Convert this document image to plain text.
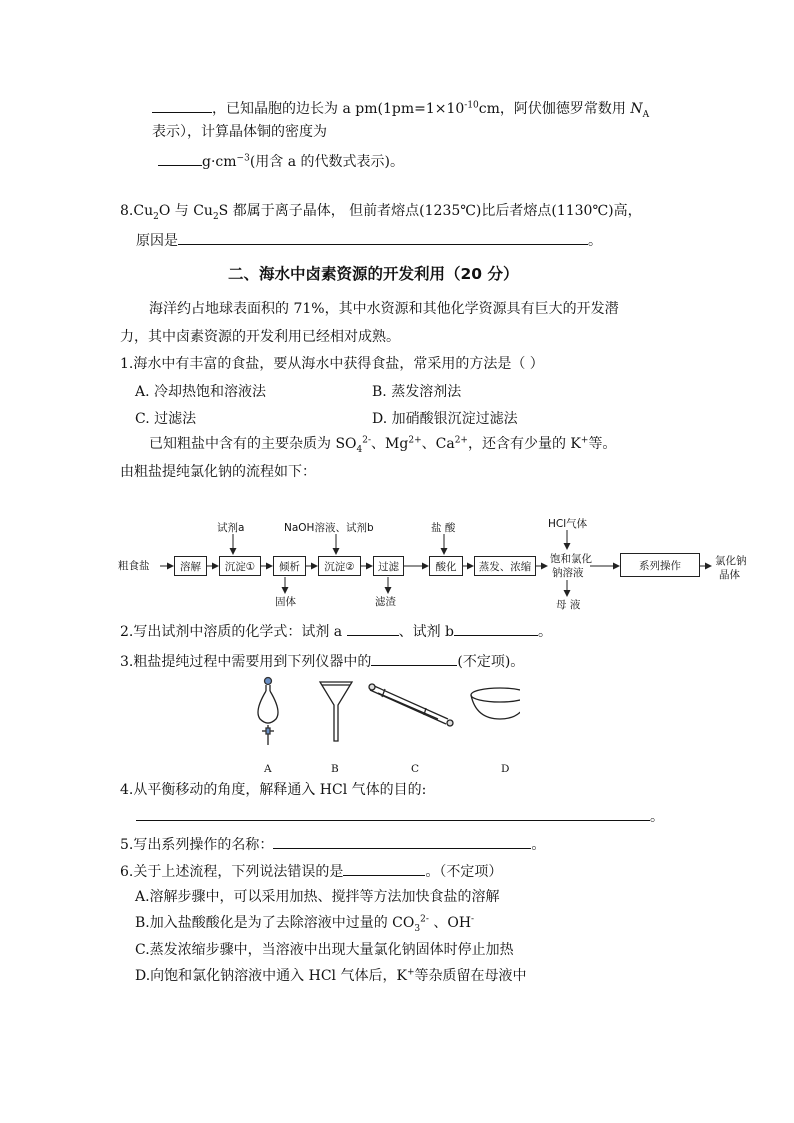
，已知晶胞的边长为 a $pm(1pm=1\times 10^{-10}cm$，阿伏伽德罗常数用 $N_A$
表示），计算晶体铜的密度为
$g\cdot cm^{-3}$(用含 a 的代数式表示)。
$8.Cu_2O$ 与 $Cu_2S$ 都属于离子晶体， 但前者熔点(1235℃)比后者熔点(1130℃)高，
原因是	。
二、海水中卤素资源的开发利用（20 分）
海洋约占地球表面积的 71%，其中水资源和其他化学资源具有巨大的开发潜
力，其中卤素资源的开发利用已经相对成熟。
1.海水中有丰富的食盐，要从海水中获得食盐，常采用的方法是（ ）
A. 冷却热饱和溶液法	B. 蒸发溶剂法
C. 过滤法	D. 加硝酸银沉淀过滤法
已知粗盐中含有的主要杂质为 $SO_4^{2-}$、$Mg^{2+}$、$Ca^{2+}$，还含有少量的 K+等。
由粗盐提纯氯化钠的流程如下：
粗食盐	溶解	沉淀①	倾析	沉淀②	过滤	酸化	蒸发、浓缩	系列操作
试剂a	NaOH溶液、试剂b	盐 酸	HCl气体
固体	滤渣
饱和氯化
钠溶液
母 液
氯化钠
晶体
2.写出试剂中溶质的化学式：试剂 a	、试剂 b	。
3.粗盐提纯过程中需要用到下列仪器中的	(不定项)。
A	B	C	D
4.从平衡移动的角度，解释通入 HCl 气体的目的:
。
5.写出系列操作的名称：	。
6.关于上述流程，下列说法错误的是	。（不定项）
A.溶解步骤中，可以采用加热、搅拌等方法加快食盐的溶解
B.加入盐酸酸化是为了去除溶液中过量的 $CO_3^{2-}$ 、OH-
C.蒸发浓缩步骤中，当溶液中出现大量氯化钠固体时停止加热
D.向饱和氯化钠溶液中通入 HCl 气体后，K+等杂质留在母液中
